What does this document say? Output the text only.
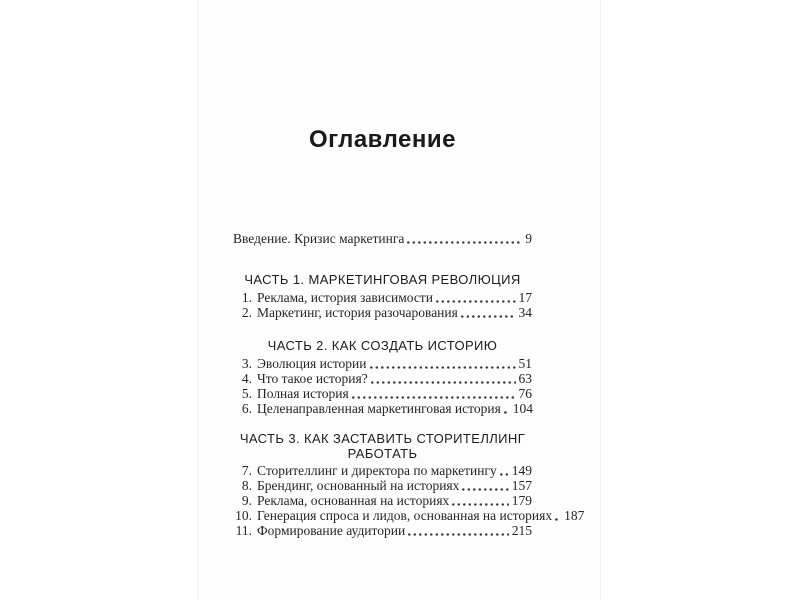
Оглавление
Введение. Кризис маркетинга	9
ЧАСТЬ 1. МАРКЕТИНГОВАЯ РЕВОЛЮЦИЯ
1. Реклама, история зависимости	17
2. Маркетинг, история разочарования	34
ЧАСТЬ 2. КАК СОЗДАТЬ ИСТОРИЮ
3. Эволюция истории	51
4. Что такое история?	63
5. Полная история	76
6. Целенаправленная маркетинговая история 104
ЧАСТЬ 3. КАК ЗАСТАВИТЬ СТОРИТЕЛЛИНГ РАБОТАТЬ
7. Сторителлинг и директора по маркетингу 149
8. Брендинг, основанный на историях	157
9. Реклама, основанная на историях	179
10. Генерация спроса и лидов, основанная на историях 187
11. Формирование аудитории	215
